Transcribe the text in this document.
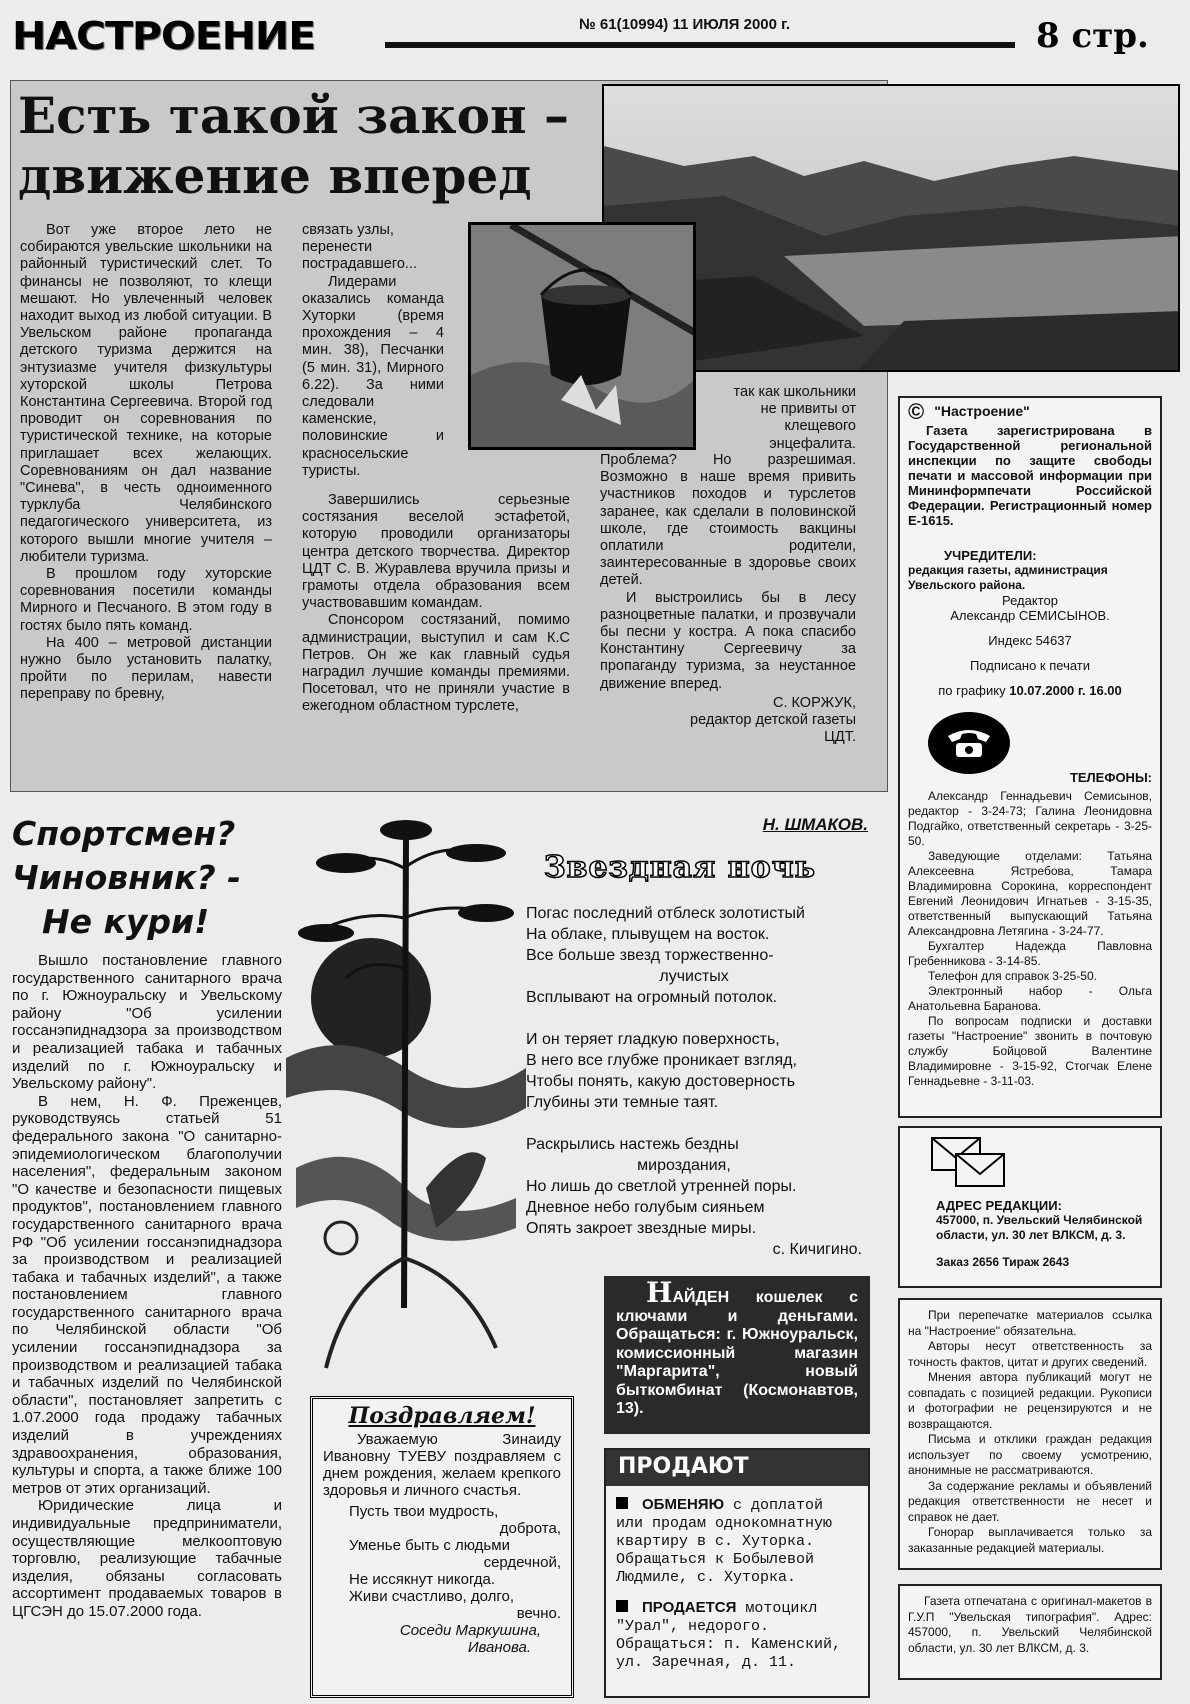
НАСТРОЕНИЕ	№ 61(10994) 11 ИЮЛЯ 2000 г.	8 стр.
Есть такой закон –
движение вперед

Вот уже второе лето не собираются увельские школьники на районный туристический слет. То финансы не позволяют, то клещи мешают. Но увлеченный человек находит выход из любой ситуации. В Увельском районе пропаганда детского туризма держится на энтузиазме учителя физкультуры хуторской школы Петрова Константина Сергеевича. Второй год проводит он соревнования по туристической технике, на которые приглашает всех желающих. Соревнованиям он дал название "Синева", в честь одноименного турклуба Челябинского педагогического университета, из которого вышли многие учителя – любители туризма.

В прошлом году хуторские соревнования посетили команды Мирного и Песчаного. В этом году в гостях было пять команд.

На 400 – метровой дистанции нужно было установить палатку, пройти по перилам, навести переправу по бревну,

связать узлы, перенести пострадавшего...

Лидерами оказались команда Хуторки (время прохождения – 4 мин. 38), Песчанки (5 мин. 31), Мирного 6.22). За ними следовали каменские, половинские и красносельские туристы.

Завершились серьезные состязания веселой эстафетой, которую проводили организаторы центра детского творчества. Директор ЦДТ С. В. Журавлева вручила призы и грамоты отдела образования всем участвовавшим командам.

Спонсором состязаний, помимо администрации, выступил и сам К.С Петров. Он же как главный судья наградил лучшие команды премиями. Посетовал, что не приняли участие в ежегодном областном турслете,

так как школьники не привиты от клещевого энцефалита.

Проблема? Но разрешимая. Возможно в наше время привить участников походов и турслетов заранее, как сделали в половинской школе, где стоимость вакцины оплатили родители, заинтересованные в здоровье своих детей.

И выстроились бы в лесу разноцветные палатки, и прозвучали бы песни у костра. А пока спасибо Константину Сергеевичу за пропаганду туризма, за неустанное движение вперед.

С. КОРЖУК,
редактор детской газеты
ЦДТ.
© "Настроение"
Газета зарегистрирована в Государственной региональной инспекции по защите свободы печати и массовой информации при Мининформпечати Российской Федерации. Регистрационный номер Е-1615.
УЧРЕДИТЕЛИ:
редакция газеты, администрация Увельского района.
Редактор
Александр СЕМИСЫНОВ.
Индекс 54637
Подписано к печати
по графику 10.07.2000 г. 16.00
ТЕЛЕФОНЫ:

Александр Геннадьевич Семисынов, редактор - 3-24-73; Галина Леонидовна Подгайко, ответственный секретарь - 3-25-50.

Заведующие отделами: Татьяна Алексеевна Ястребова, Тамара Владимировна Сорокина, корреспондент Евгений Леонидович Игнатьев - 3-15-35, ответственный выпускающий Татьяна Александровна Летягина - 3-24-77.

Бухгалтер Надежда Павловна Гребенникова - 3-14-85.

Телефон для справок 3-25-50.

Электронный набор - Ольга Анатольевна Баранова.

По вопросам подписки и доставки газеты "Настроение" звонить в почтовую службу Бойцовой Валентине Владимировне - 3-15-92, Стогчак Елене Геннадьевне - 3-11-03.

АДРЕС РЕДАКЦИИ:
457000, п. Увельский Челябинской области, ул. 30 лет ВЛКСМ, д. 3.
Заказ 2656 Тираж 2643

При перепечатке материалов ссылка на "Настроение" обязательна.

Авторы несут ответственность за точность фактов, цитат и других сведений.

Мнения автора публикаций могут не совпадать с позицией редакции. Рукописи и фотографии не рецензируются и не возвращаются.

Письма и отклики граждан редакция использует по своему усмотрению, анонимные не рассматриваются.

За содержание рекламы и объявлений редакция ответственности не несет и справок не дает.

Гонорар выплачивается только за заказанные редакцией материалы.

Газета отпечатана с оригинал-макетов в Г.У.П "Увельская типография". Адрес: 457000, п. Увельский Челябинской области, ул. 30 лет ВЛКСМ, д. 3.
Спортсмен?
Чиновник? -
Не кури!

Вышло постановление главного государственного санитарного врача по г. Южноуральску и Увельскому району "Об усилении госсанэпиднадзора за производством и реализацией табака и табачных изделий по г. Южноуральску и Увельскому району".

В нем, Н. Ф. Преженцев, руководствуясь статьей 51 федерального закона "О санитарно-эпидемиологическом благополучии населения", федеральным законом "О качестве и безопасности пищевых продуктов", постановлением главного государственного санитарного врача РФ "Об усилении госсанэпиднадзора за производством и реализацией табака и табачных изделий", а также постановлением главного государственного санитарного врача по Челябинской области "Об усилении госсанэпиднадзора за производством и реализацией табака и табачных изделий по Челябинской области", постановляет запретить с 1.07.2000 года продажу табачных изделий в учреждениях здравоохранения, образования, культуры и спорта, а также ближе 100 метров от этих организаций.

Юридические лица и индивидуальные предприниматели, осуществляющие мелкооптовую торговлю, реализующие табачные изделия, обязаны согласовать ассортимент продаваемых товаров в ЦГСЭН до 15.07.2000 года.

Н. ШМАКОВ.
Звездная ночь
Погас последний отблеск золотистый
На облаке, плывущем на восток.
Все больше звезд торжественно-
лучистых
Всплывают на огромный потолок.
И он теряет гладкую поверхность,
В него все глубже проникает взгляд,
Чтобы понять, какую достоверность
Глубины эти темные таят.
Раскрылись настежь бездны
мироздания,
Но лишь до светлой утренней поры.
Дневное небо голубым сияньем
Опять закроет звездные миры.
с. Кичигино.
Поздравляем!
Уважаемую Зинаиду Ивановну ТУЕВУ поздравляем с днем рождения, желаем крепкого здоровья и личного счастья.
Пусть твои мудрость,
доброта,
Уменье быть с людьми
сердечной,
Не иссякнут никогда.
Живи счастливо, долго,
вечно.
Соседи Маркушина,
Иванова.
НАЙДЕН кошелек с ключами и деньгами. Обращаться: г. Южноуральск, комиссионный магазин "Маргарита", новый быткомбинат (Космонавтов, 13).
ПРОДАЮТ
ОБМЕНЯЮ с доплатой или продам однокомнатную квартиру в с. Хуторка. Обращаться к Бобылевой Людмиле, с. Хуторка.
ПРОДАЕТСЯ мотоцикл "Урал", недорого. Обращаться: п. Каменский, ул. Заречная, д. 11.
